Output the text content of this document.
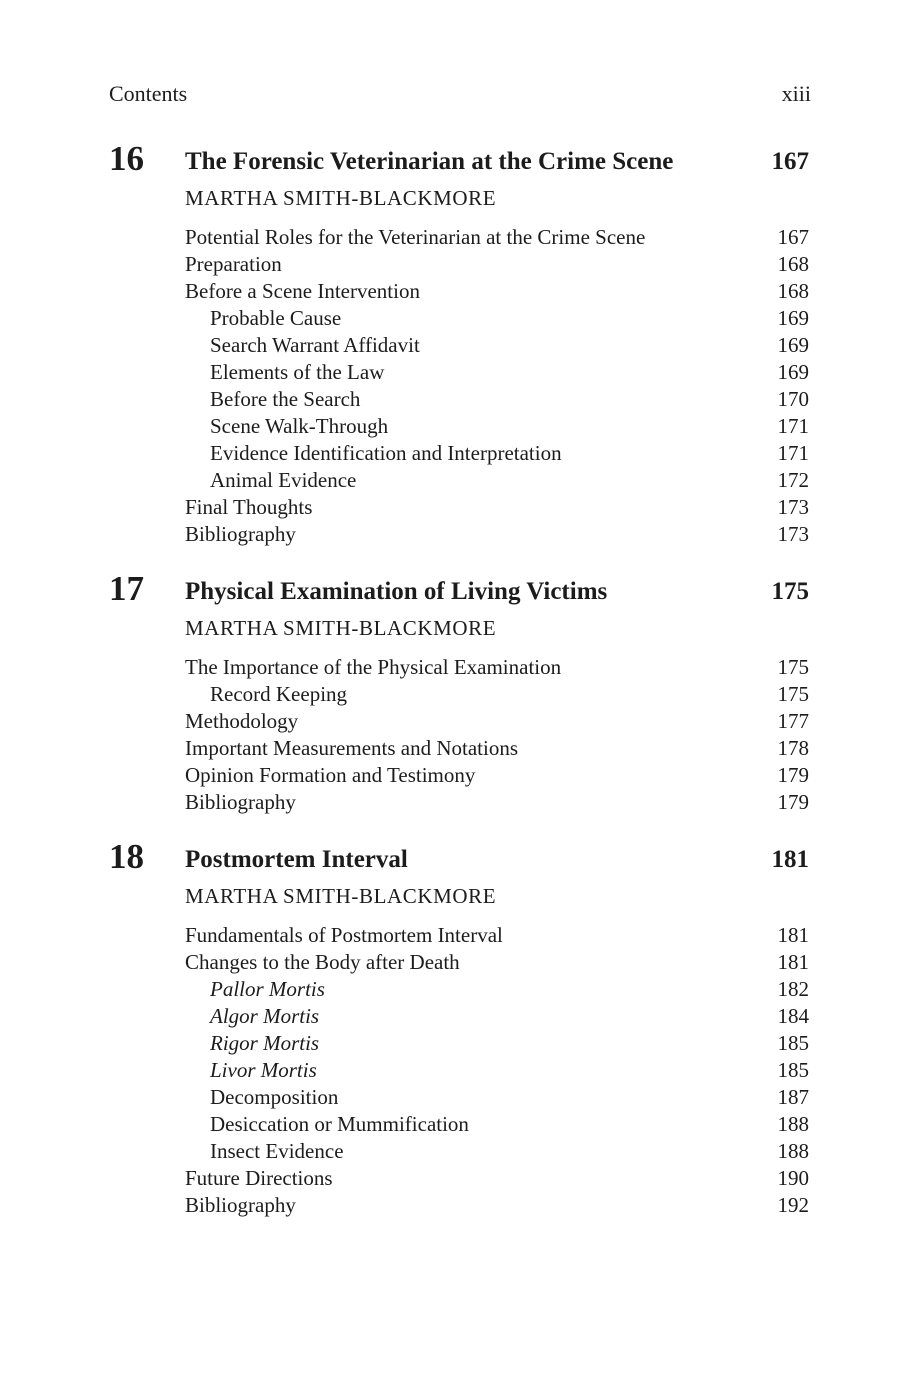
Contents	xiii
16 The Forensic Veterinarian at the Crime Scene	167
MARTHA SMITH-BLACKMORE
Potential Roles for the Veterinarian at the Crime Scene	167
Preparation	168
Before a Scene Intervention	168
Probable Cause	169
Search Warrant Affidavit	169
Elements of the Law	169
Before the Search	170
Scene Walk-Through	171
Evidence Identification and Interpretation	171
Animal Evidence	172
Final Thoughts	173
Bibliography	173
17 Physical Examination of Living Victims	175
MARTHA SMITH-BLACKMORE
The Importance of the Physical Examination	175
Record Keeping	175
Methodology	177
Important Measurements and Notations	178
Opinion Formation and Testimony	179
Bibliography	179
18 Postmortem Interval	181
MARTHA SMITH-BLACKMORE
Fundamentals of Postmortem Interval	181
Changes to the Body after Death	181
Pallor Mortis	182
Algor Mortis	184
Rigor Mortis	185
Livor Mortis	185
Decomposition	187
Desiccation or Mummification	188
Insect Evidence	188
Future Directions	190
Bibliography	192
